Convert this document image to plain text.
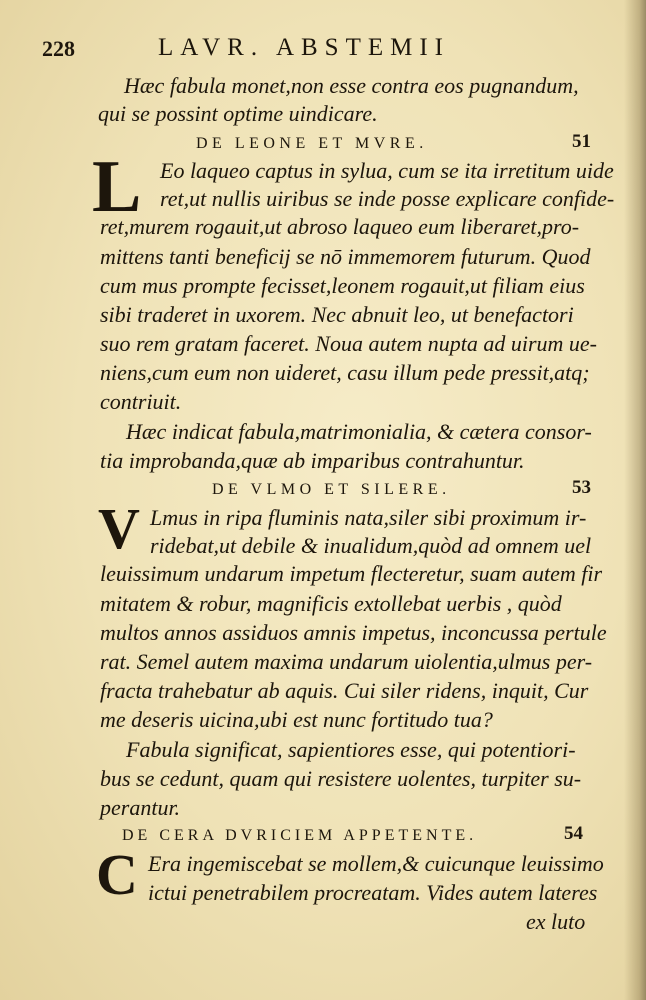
228	LAVR. ABSTEMII
Hæc fabula monet,non esse contra eos pugnandum,
qui se possint optime uindicare.
DE LEONE ET MVRE.	51
L Eo laqueo captus in sylua, cum se ita irretitum uide
ret,ut nullis uiribus se inde posse explicare confide-
ret,murem rogauit,ut abroso laqueo eum liberaret,pro-
mittens tanti beneficij se nō immemorem futurum. Quod
cum mus prompte fecisset,leonem rogauit,ut filiam eius
sibi traderet in uxorem. Nec abnuit leo, ut benefactori
suo rem gratam faceret. Noua autem nupta ad uirum ue-
niens,cum eum non uideret, casu illum pede pressit,atq;
contriuit.
Hæc indicat fabula,matrimonialia, & cætera consor-
tia improbanda,quæ ab imparibus contrahuntur.
DE VLMO ET SILERE.	53
V Lmus in ripa fluminis nata,siler sibi proximum ir-
ridebat,ut debile & inualidum,quòd ad omnem uel
leuissimum undarum impetum flecteretur, suam autem fir
mitatem & robur, magnificis extollebat uerbis , quòd
multos annos assiduos amnis impetus, inconcussa pertule
rat. Semel autem maxima undarum uiolentia,ulmus per-
fracta trahebatur ab aquis. Cui siler ridens, inquit, Cur
me deseris uicina,ubi est nunc fortitudo tua?
Fabula significat, sapientiores esse, qui potentiori-
bus se cedunt, quam qui resistere uolentes, turpiter su-
perantur.
DE CERA DVRICIEM APPETENTE.	54
C Era ingemiscebat se mollem,& cuicunque leuissimo
ictui penetrabilem procreatam. Vides autem lateres
ex luto
